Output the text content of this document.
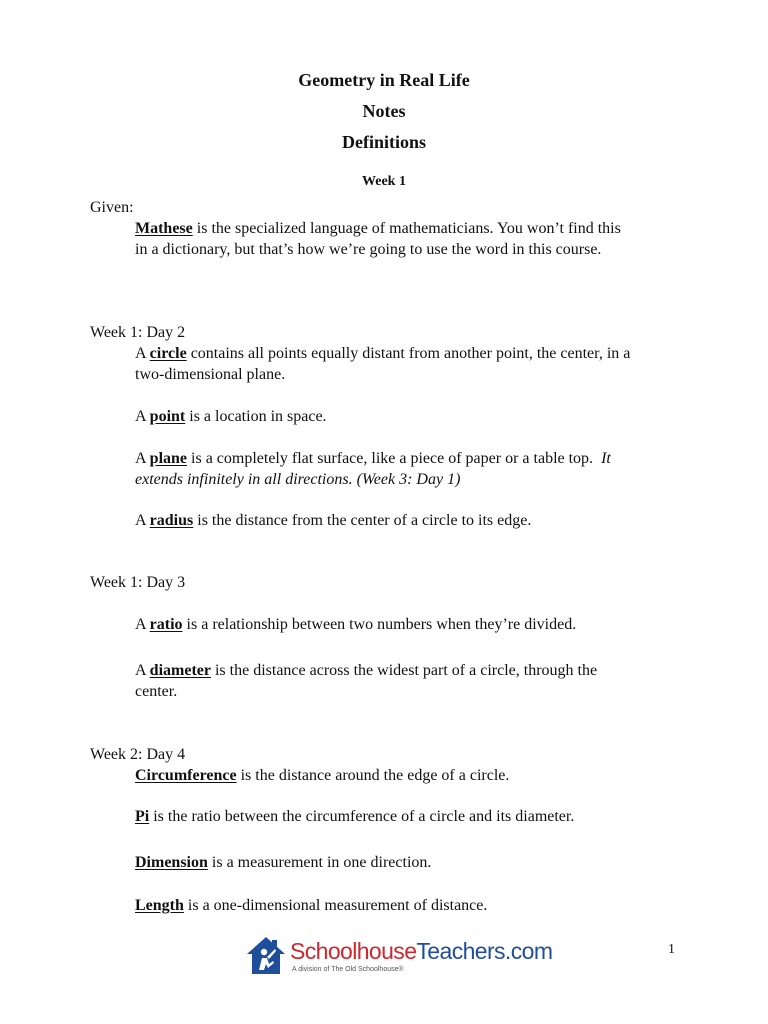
Geometry in Real Life
Notes
Definitions
Week 1
Given:

Mathese is the specialized language of mathematicians. You won’t find this in a dictionary, but that’s how we’re going to use the word in this course.

Week 1: Day 2

A circle contains all points equally distant from another point, the center, in a two-dimensional plane.

A point is a location in space.

A plane is a completely flat surface, like a piece of paper or a table top. It extends infinitely in all directions. (Week 3: Day 1)

A radius is the distance from the center of a circle to its edge.

Week 1: Day 3

A ratio is a relationship between two numbers when they’re divided.

A diameter is the distance across the widest part of a circle, through the center.

Week 2: Day 4

Circumference is the distance around the edge of a circle.

Pi is the ratio between the circumference of a circle and its diameter.

Dimension is a measurement in one direction.

Length is a one-dimensional measurement of distance.

SchoolhouseTeachers.com
A division of The Old Schoolhouse®
1
